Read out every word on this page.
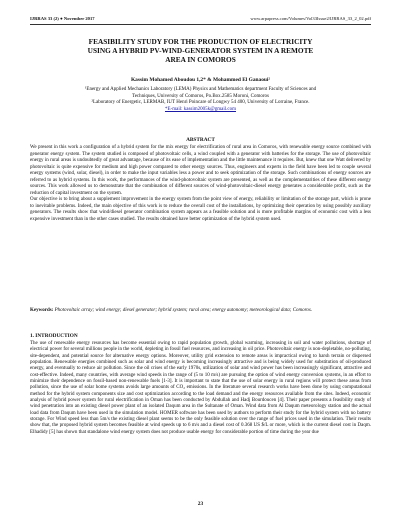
IJRRAS 33 (2) ● November 2017	www.arpapress.com/Volumes/Vol33Issue2/IJRRAS_33_2_02.pdf
FEASIBILITY STUDY FOR THE PRODUCTION OF ELECTRICITY
USING A HYBRID PV-WIND-GENERATOR SYSTEM IN A REMOTE
AREA IN COMOROS
Kassim Mohamed Aboudou 1,2* & Mohammed El Ganaoui²
¹Energy and Applied Mechanics Laboratory (LEMA) Physics and Mathematics department Faculty of Sciences and
Techniques, University of Comoros, Po.Box.2585 Moroni, Comoros
²Laboratory of Energetic, LERMAB, IUT Henri Poincare of Longwy 54 400, University of Lorraine, France.
*E-mail: kassim2005k@gmail.com
ABSTRACT

We present in this work a configuration of a hybrid system for the mix energy for electrification of rural area in Comoros, with renewable energy source combined with generator energy system. The system studied is composed of photovoltaic cells, a wind coupled with a generator with batteries for the storage. The use of photovoltaic energy in rural areas is undoubtedly of great advantage, because of its ease of implementation and the little maintenance it requires. But, knew that one Watt delivered by photovoltaic is quite expensive for medium and high power compared to other energy sources. Thus, engineers and experts in the field have been led to couple several energy systems (wind, solar, diesel), in order to make the input variables less a power and to seek optimization of the storage. Such combinations of energy sources are referred to as hybrid systems. In this work, the performances of the wind-photovoltaic system are presented, as well as the complementarities of these different energy sources. This work allowed us to demonstrate that the combination of different sources of wind-photovoltaic-diesel energy generates a considerable profit, such as the reduction of capital investment on the system.

Our objective is to bring about a supplement improvement in the energy system from the point view of energy, reliability or limitation of the storage part, which is prone to inevitable problems. Indeed, the main objective of this work is to reduce the overall cost of the installations, by optimizing their operation by using possibly auxiliary generators. The results show that wind/diesel generator combination system appears as a feasible solution and is more profitable margins of economic cost with a less expensive investment than in the other cases studied. The results obtained have better optimization of the hybrid system used.

Keywords: Photovoltaic array; wind energy; diesel generator; hybrid system; rural area; energy autonomy; meteorological data; Comoros.
1. INTRODUCTION

The use of renewable energy resources has become essential owing to rapid population growth, global warming, increasing in soil and water pollutions, shortage of electrical power for several millions people in the world, depleting in fossil fuel resources, and increasing in oil price. Photovoltaic energy is non-depletable, no-polluting, site-dependent, and potential source for alternative energy options. Moreover, utility grid extension to remote areas is impractical owing to harsh terrain or dispersed population. Renewable energies combined such as solar and wind energy is becoming increasingly attractive and is being widely used for substitution of oil-produced energy, and eventually to reduce air pollution. Since the oil crises of the early 1970s, utilization of solar and wind power has been increasingly significant, attractive and cost-effective. Indeed, many countries, with average wind speeds in the range of (5 to 10 m/s) are pursuing the option of wind energy conversion systems, in an effort to minimize their dependence on fossil-based non-renewable fuels [1-3]. It is important to state that the use of solar energy in rural regions will protect these areas from pollution, since the use of solar home systems avoids large amounts of CO₂ emissions. In the literature several research works have been done by using computational method for the hybrid system components size and cost optimization according to the load demand and the energy resources available from the sites. Indeed, economic analysis of hybrid power system for rural electrification in Oman has been conducted by Abdullah and Hadj Bourdoucen [4]. Their paper presents a feasibility study of wind penetration into an existing diesel power plant of an isolated Daqum area in the Sultanate of Oman. Wind data from Al Daqum meteorology station and the actual load data from Daqum have been used in the simulation model. HOMER software has been used by authors to perform their study for the hybrid system with no battery storage. For Wind speed less than 5m/s the existing diesel plant seems to be the only feasible solution over the range of fuel prices used in the simulation. Their results show that, the proposed hybrid system becomes feasible at wind speeds up to 6 m/s and a diesel cost of 0.368 US $/L or more, which is the current diesel cost in Daqm. Elhadidy [5] has shown that standalone wind energy system does not produce usable energy for considerable portion of time during the year due

23
